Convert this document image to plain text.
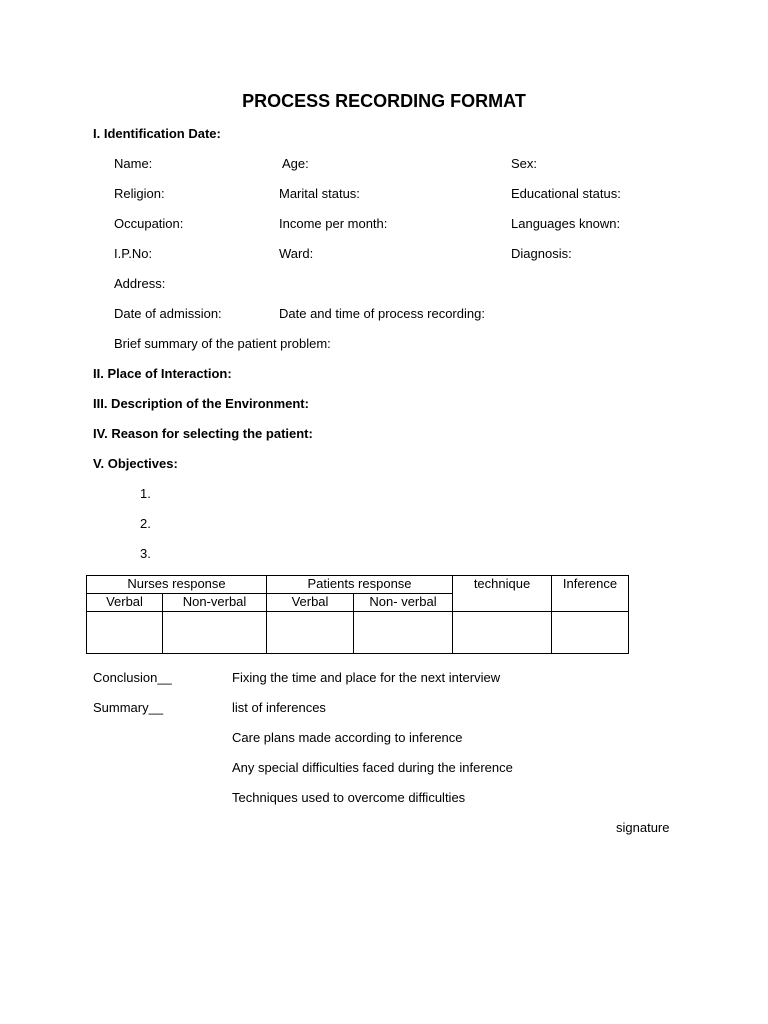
PROCESS RECORDING FORMAT
I. Identification Date:
Name:	Age:	Sex:
Religion:	Marital status:	Educational status:
Occupation:	Income per month:	Languages known:
I.P.No:	Ward:	Diagnosis:
Address:
Date of admission:	Date and time of process recording:
Brief summary of the patient problem:
II. Place of Interaction:
III. Description of the Environment:
IV. Reason for selecting the patient:
V. Objectives:
1.
2.
3.
Nurses response		Patients response		technique	Inference
Verbal	Non-verbal	Verbal	Non- verbal		

Conclusion__	Fixing the time and place for the next interview
Summary__	list of inferences
Care plans made according to inference
Any special difficulties faced during the inference
Techniques used to overcome difficulties
signature
